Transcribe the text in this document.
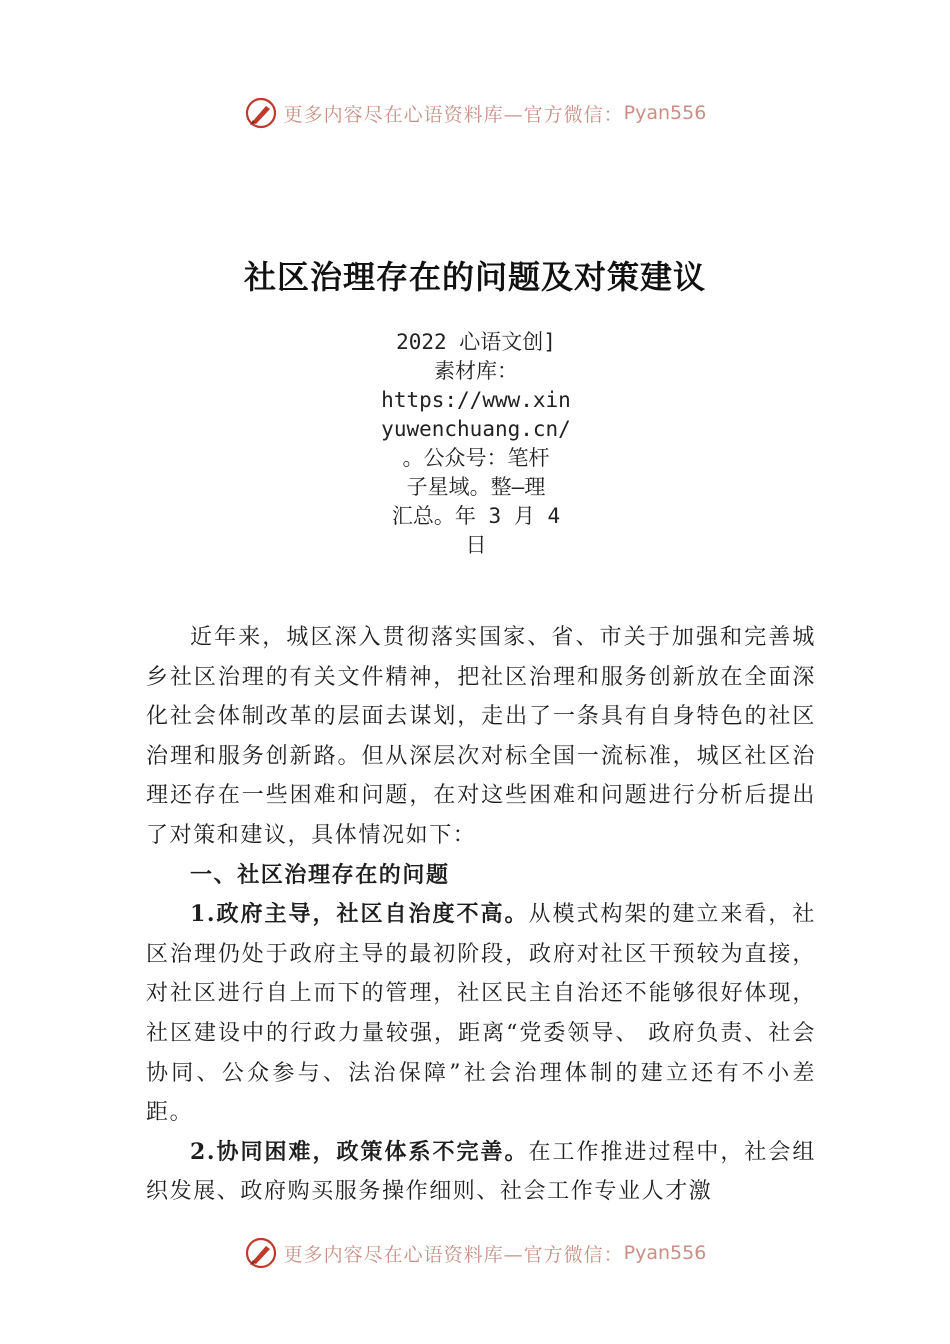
更多内容尽在心语资料库—官方微信： Pyan556
社区治理存在的问题及对策建议
2022 心语文创]
素材库：
https://www.xin
yuwenchuang.cn/
。公众号：笔杆
子星域。整—理
汇总。年 3 月 4
日

近年来，城区深入贯彻落实国家、省、市关于加强和完善城乡社区治理的有关文件精神，把社区治理和服务创新放在全面深化社会体制改革的层面去谋划，走出了一条具有自身特色的社区治理和服务创新路。但从深层次对标全国一流标准，城区社区治理还存在一些困难和问题，在对这些困难和问题进行分析后提出了对策和建议，具体情况如下：

一、社区治理存在的问题

1.政府主导，社区自治度不高。从模式构架的建立来看，社区治理仍处于政府主导的最初阶段，政府对社区干预较为直接，对社区进行自上而下的管理，社区民主自治还不能够很好体现，社区建设中的行政力量较强，距离“党委领导、 政府负责、社会协同、公众参与、法治保障”社会治理体制的建立还有不小差距。

2.协同困难，政策体系不完善。在工作推进过程中，社会组织发展、政府购买服务操作细则、社会工作专业人才激

更多内容尽在心语资料库—官方微信： Pyan556
